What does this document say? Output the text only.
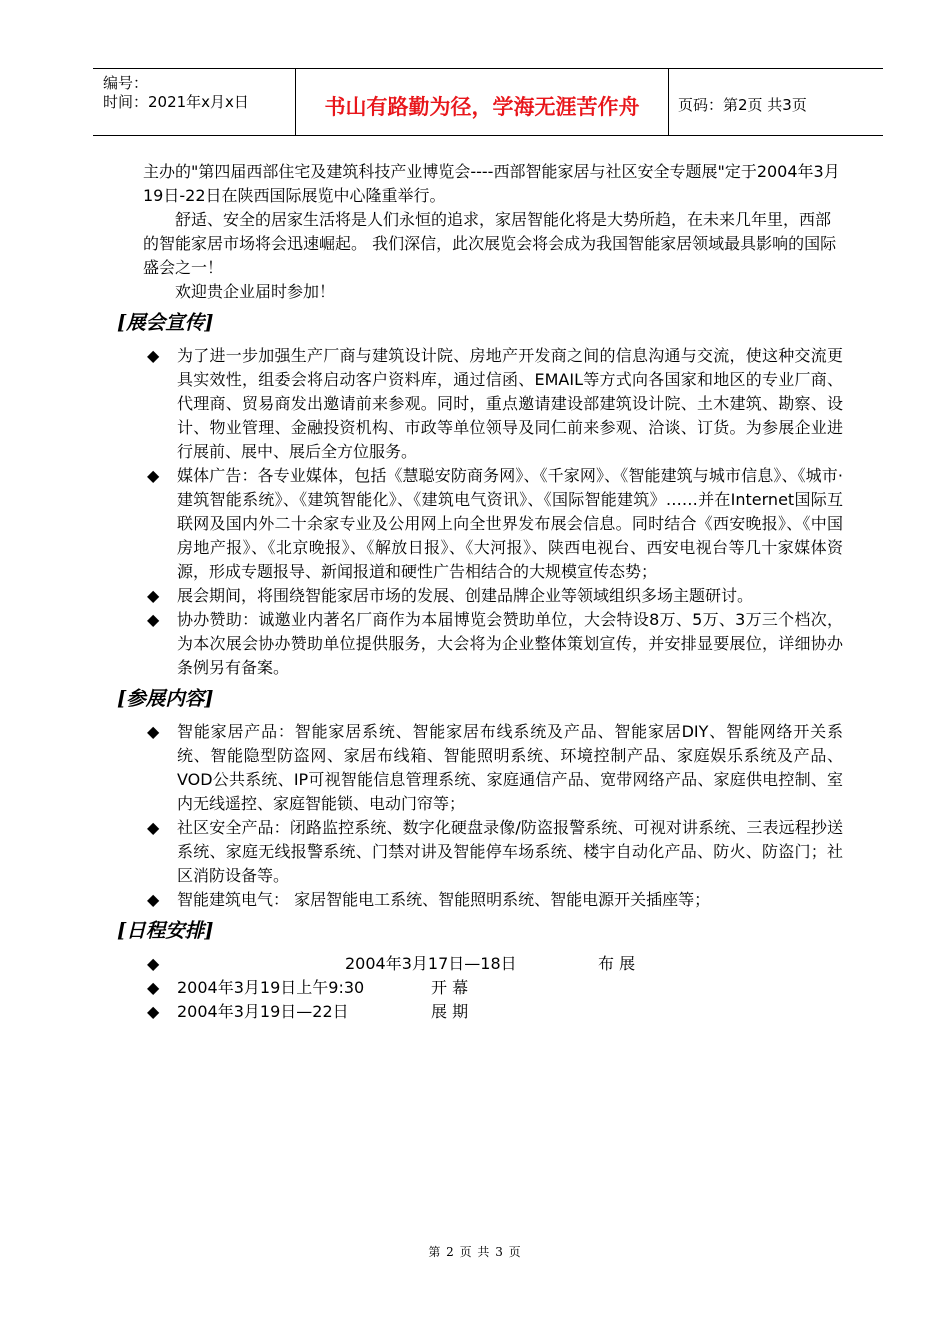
编号：
时间：2021年x月x日	书山有路勤为径，学海无涯苦作舟	页码：第2页 共3页

主办的"第四届西部住宅及建筑科技产业博览会----西部智能家居与社区安全专题展"定于2004年3月19日-22日在陕西国际展览中心隆重举行。

舒适、安全的居家生活将是人们永恒的追求，家居智能化将是大势所趋，在未来几年里，西部的智能家居市场将会迅速崛起。 我们深信，此次展览会将会成为我国智能家居领域最具影响的国际盛会之一！

欢迎贵企业届时参加！

[展会宣传]

◆ 为了进一步加强生产厂商与建筑设计院、房地产开发商之间的信息沟通与交流，使这种交流更具实效性，组委会将启动客户资料库，通过信函、EMAIL等方式向各国家和地区的专业厂商、代理商、贸易商发出邀请前来参观。同时，重点邀请建设部建筑设计院、土木建筑、勘察、设计、物业管理、金融投资机构、市政等单位领导及同仁前来参观、洽谈、订货。为参展企业进行展前、展中、展后全方位服务。

◆ 媒体广告：各专业媒体，包括《慧聪安防商务网》、《千家网》、《智能建筑与城市信息》、《城市·建筑智能系统》、《建筑智能化》、《建筑电气资讯》、《国际智能建筑》……并在Internet国际互联网及国内外二十余家专业及公用网上向全世界发布展会信息。同时结合《西安晚报》、《中国房地产报》、《北京晚报》、《解放日报》、《大河报》、陕西电视台、西安电视台等几十家媒体资源，形成专题报导、新闻报道和硬性广告相结合的大规模宣传态势；

◆ 展会期间，将围绕智能家居市场的发展、创建品牌企业等领域组织多场主题研讨。

◆ 协办赞助：诚邀业内著名厂商作为本届博览会赞助单位，大会特设8万、5万、3万三个档次，为本次展会协办赞助单位提供服务，大会将为企业整体策划宣传，并安排显要展位，详细协办条例另有备案。

[参展内容]

◆ 智能家居产品：智能家居系统、智能家居布线系统及产品、智能家居DIY、智能网络开关系统、智能隐型防盗网、家居布线箱、智能照明系统、环境控制产品、家庭娱乐系统及产品、VOD公共系统、IP可视智能信息管理系统、家庭通信产品、宽带网络产品、家庭供电控制、室内无线遥控、家庭智能锁、电动门帘等；

◆ 社区安全产品：闭路监控系统、数字化硬盘录像/防盗报警系统、可视对讲系统、三表远程抄送系统、家庭无线报警系统、门禁对讲及智能停车场系统、楼宇自动化产品、防火、防盗门；社区消防设备等。

◆ 智能建筑电气： 家居智能电工系统、智能照明系统、智能电源开关插座等；

[日程安排]
◆	2004年3月17日—18日	布 展
◆ 2004年3月19日上午9:30	开 幕
◆ 2004年3月19日—22日	展 期
第 2 页 共 3 页
